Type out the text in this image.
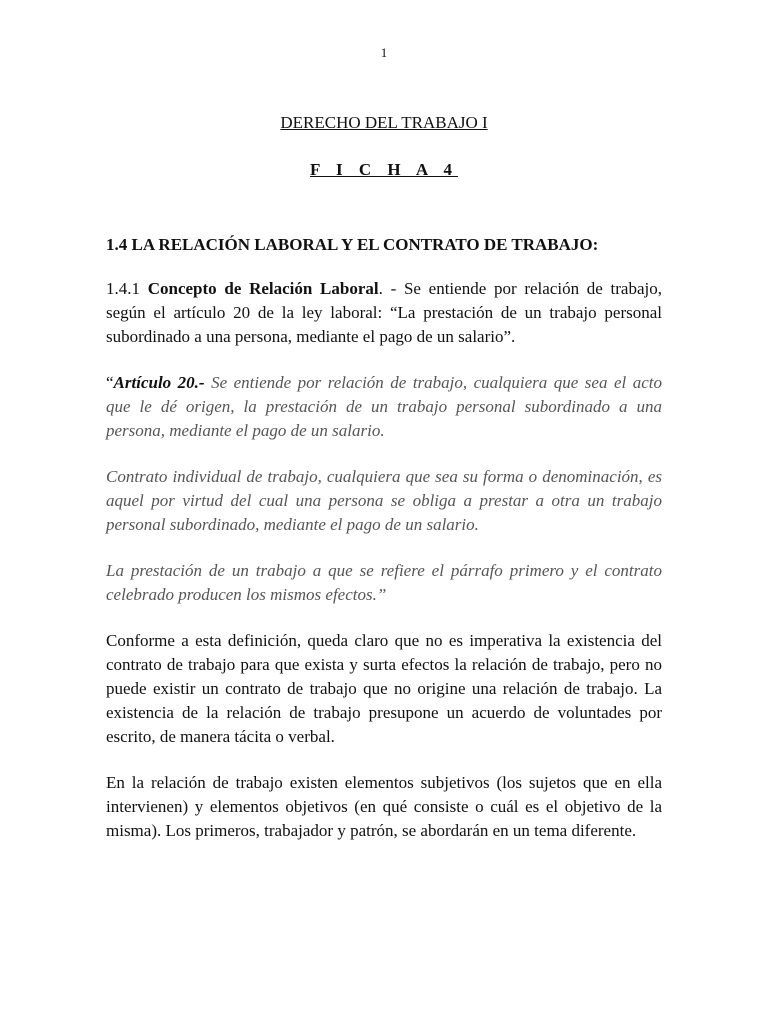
1
DERECHO DEL TRABAJO I
F I C H A 4
1.4 LA RELACIÓN LABORAL Y EL CONTRATO DE TRABAJO:

1.4.1 Concepto de Relación Laboral. - Se entiende por relación de trabajo, según el artículo 20 de la ley laboral: “La prestación de un trabajo personal subordinado a una persona, mediante el pago de un salario”.

“Artículo 20.- Se entiende por relación de trabajo, cualquiera que sea el acto que le dé origen, la prestación de un trabajo personal subordinado a una persona, mediante el pago de un salario.

Contrato individual de trabajo, cualquiera que sea su forma o denominación, es aquel por virtud del cual una persona se obliga a prestar a otra un trabajo personal subordinado, mediante el pago de un salario.

La prestación de un trabajo a que se refiere el párrafo primero y el contrato celebrado producen los mismos efectos.”

Conforme a esta definición, queda claro que no es imperativa la existencia del contrato de trabajo para que exista y surta efectos la relación de trabajo, pero no puede existir un contrato de trabajo que no origine una relación de trabajo. La existencia de la relación de trabajo presupone un acuerdo de voluntades por escrito, de manera tácita o verbal.

En la relación de trabajo existen elementos subjetivos (los sujetos que en ella intervienen) y elementos objetivos (en qué consiste o cuál es el objetivo de la misma). Los primeros, trabajador y patrón, se abordarán en un tema diferente.
